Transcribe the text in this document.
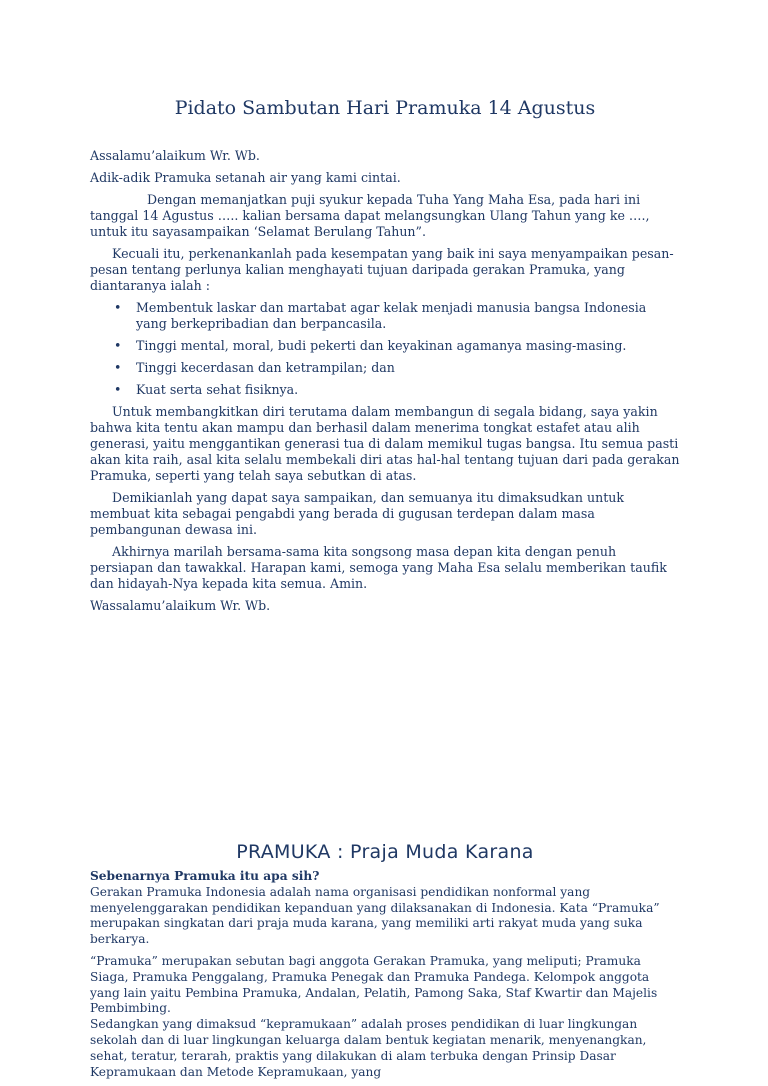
Pidato Sambutan Hari Pramuka 14 Agustus

Assalamu’alaikum Wr. Wb.

Adik-adik Pramuka setanah air yang kami cintai.

Dengan memanjatkan puji syukur kepada Tuha Yang Maha Esa, pada hari ini tanggal 14 Agustus ….. kalian bersama dapat melangsungkan Ulang Tahun yang ke …., untuk itu sayasampaikan ‘Selamat Berulang Tahun”.

Kecuali itu, perkenankanlah pada kesempatan yang baik ini saya menyampaikan pesan-pesan tentang perlunya kalian menghayati tujuan daripada gerakan Pramuka, yang diantaranya ialah :

• Membentuk laskar dan martabat agar kelak menjadi manusia bangsa Indonesia yang berkepribadian dan berpancasila.
• Tinggi mental, moral, budi pekerti dan keyakinan agamanya masing-masing.
• Tinggi kecerdasan dan ketrampilan; dan
• Kuat serta sehat fisiknya.

Untuk membangkitkan diri terutama dalam membangun di segala bidang, saya yakin bahwa kita tentu akan mampu dan berhasil dalam menerima tongkat estafet atau alih generasi, yaitu menggantikan generasi tua di dalam memikul tugas bangsa. Itu semua pasti akan kita raih, asal kita selalu membekali diri atas hal-hal tentang tujuan dari pada gerakan Pramuka, seperti yang telah saya sebutkan di atas.

Demikianlah yang dapat saya sampaikan, dan semuanya itu dimaksudkan untuk membuat kita sebagai pengabdi yang berada di gugusan terdepan dalam masa pembangunan dewasa ini.

Akhirnya marilah bersama-sama kita songsong masa depan kita dengan penuh persiapan dan tawakkal. Harapan kami, semoga yang Maha Esa selalu memberikan taufik dan hidayah-Nya kepada kita semua. Amin.

Wassalamu’alaikum Wr. Wb.

PRAMUKA : Praja Muda Karana

Sebenarnya Pramuka itu apa sih?

Gerakan Pramuka Indonesia adalah nama organisasi pendidikan nonformal yang menyelenggarakan pendidikan kepanduan yang dilaksanakan di Indonesia. Kata “Pramuka” merupakan singkatan dari praja muda karana, yang memiliki arti rakyat muda yang suka berkarya.

“Pramuka” merupakan sebutan bagi anggota Gerakan Pramuka, yang meliputi; Pramuka Siaga, Pramuka Penggalang, Pramuka Penegak dan Pramuka Pandega. Kelompok anggota yang lain yaitu Pembina Pramuka, Andalan, Pelatih, Pamong Saka, Staf Kwartir dan Majelis Pembimbing.

Sedangkan yang dimaksud “kepramukaan” adalah proses pendidikan di luar lingkungan sekolah dan di luar lingkungan keluarga dalam bentuk kegiatan menarik, menyenangkan, sehat, teratur, terarah, praktis yang dilakukan di alam terbuka dengan Prinsip Dasar Kepramukaan dan Metode Kepramukaan, yang
